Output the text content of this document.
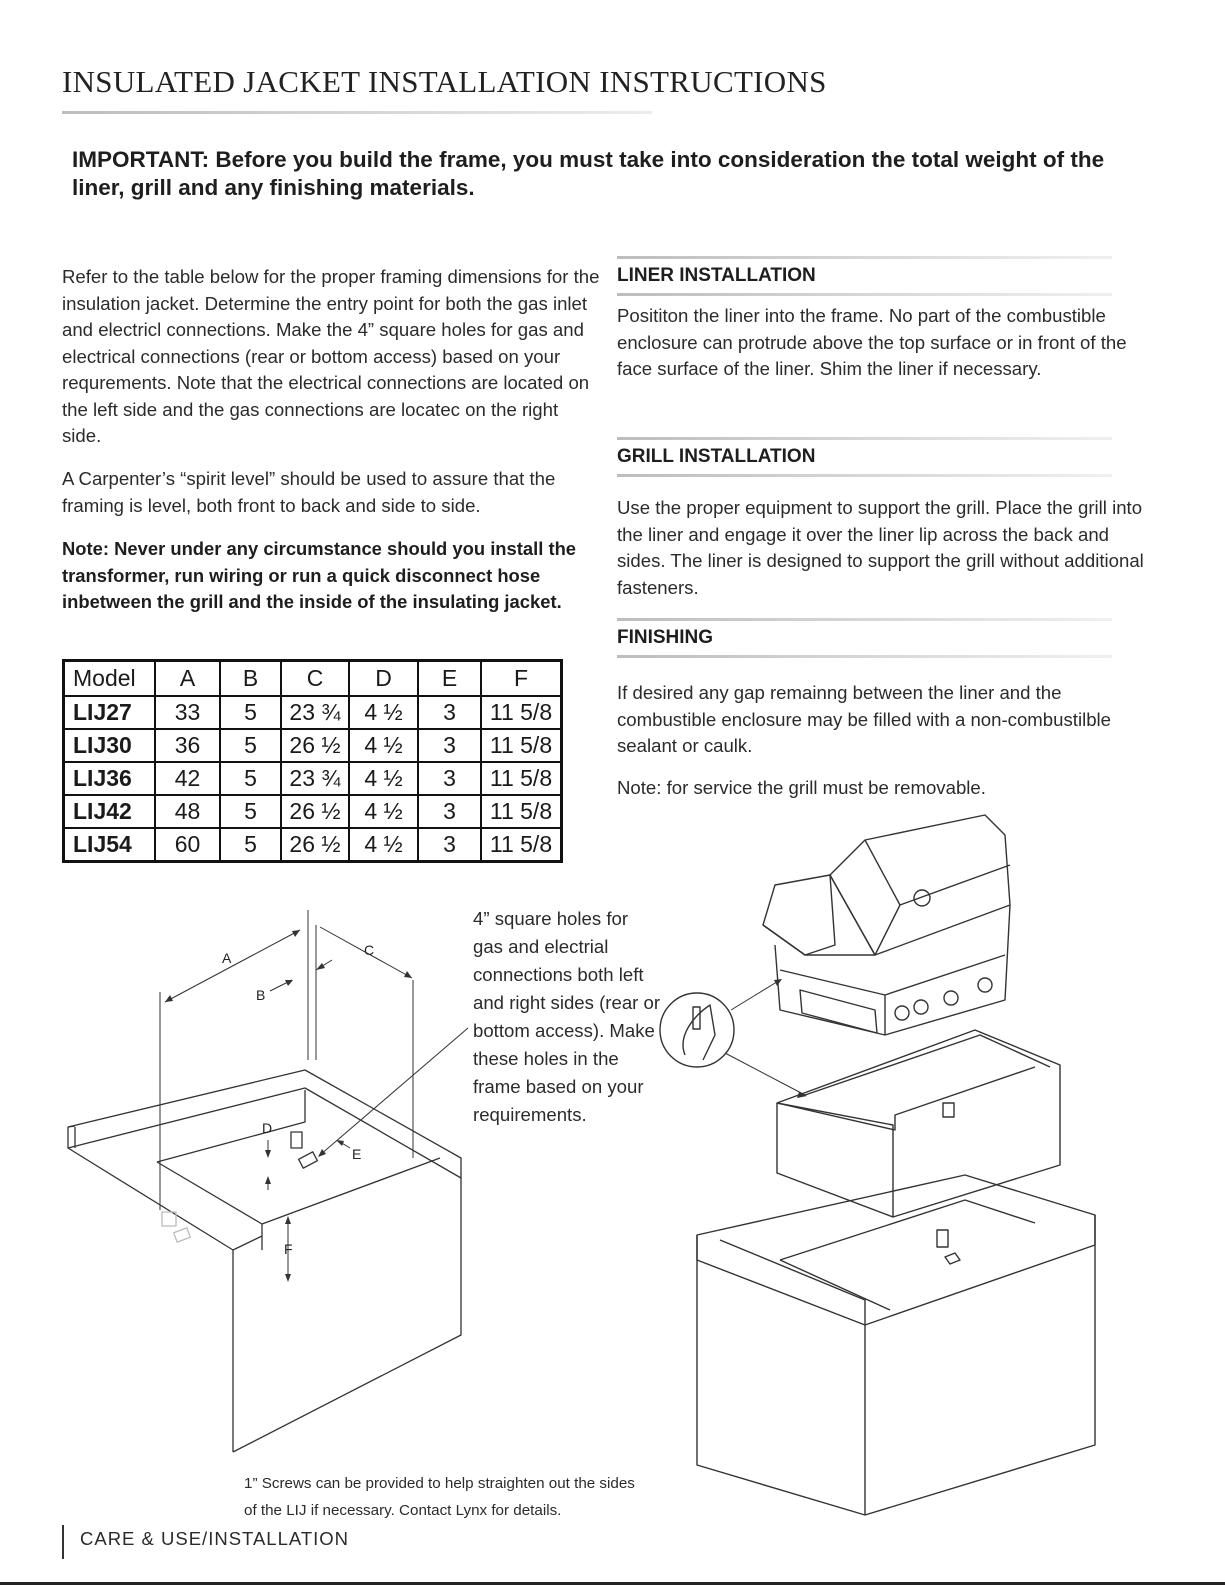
INSULATED JACKET INSTALLATION INSTRUCTIONS
IMPORTANT: Before you build the frame, you must take into consideration the total weight of the liner, grill and any finishing materials.
Refer to the table below for the proper framing dimensions for the insulation jacket. Determine the entry point for both the gas inlet and electricl connections. Make the 4” square holes for gas and electrical connections (rear or bottom access) based on your requrements. Note that the electrical connections are located on the left side and the gas connections are locatec on the right side.
A Carpenter’s “spirit level” should be used to assure that the framing is level, both front to back and side to side.
Note: Never under any circumstance should you install the transformer, run wiring or run a quick disconnect hose inbetween the grill and the inside of the insulating jacket.
Model	A	B	C	D	E	F
LIJ27	33	5	23 ¾	4 ½	3	11 5/8
LIJ30	36	5	26 ½	4 ½	3	11 5/8
LIJ36	42	5	23 ¾	4 ½	3	11 5/8
LIJ42	48	5	26 ½	4 ½	3	11 5/8
LIJ54	60	5	26 ½	4 ½	3	11 5/8
LINER INSTALLATION
Posititon the liner into the frame. No part of the combustible enclosure can protrude above the top surface or in front of the face surface of the liner. Shim the liner if necessary.
GRILL INSTALLATION
Use the proper equipment to support the grill. Place the grill into the liner and engage it over the liner lip across the back and sides. The liner is designed to support the grill without additional fasteners.
FINISHING
If desired any gap remainng between the liner and the combustible enclosure may be filled with a non-combustilble sealant or caulk.
Note: for service the grill must be removable.
A
B
C
D
E
F
4” square holes for gas and electrial connections both left and right sides (rear or bottom access). Make these holes in the frame based on your requirements.
1” Screws can be provided to help straighten out the sides of the LIJ if necessary. Contact Lynx for details.
CARE & USE/INSTALLATION
